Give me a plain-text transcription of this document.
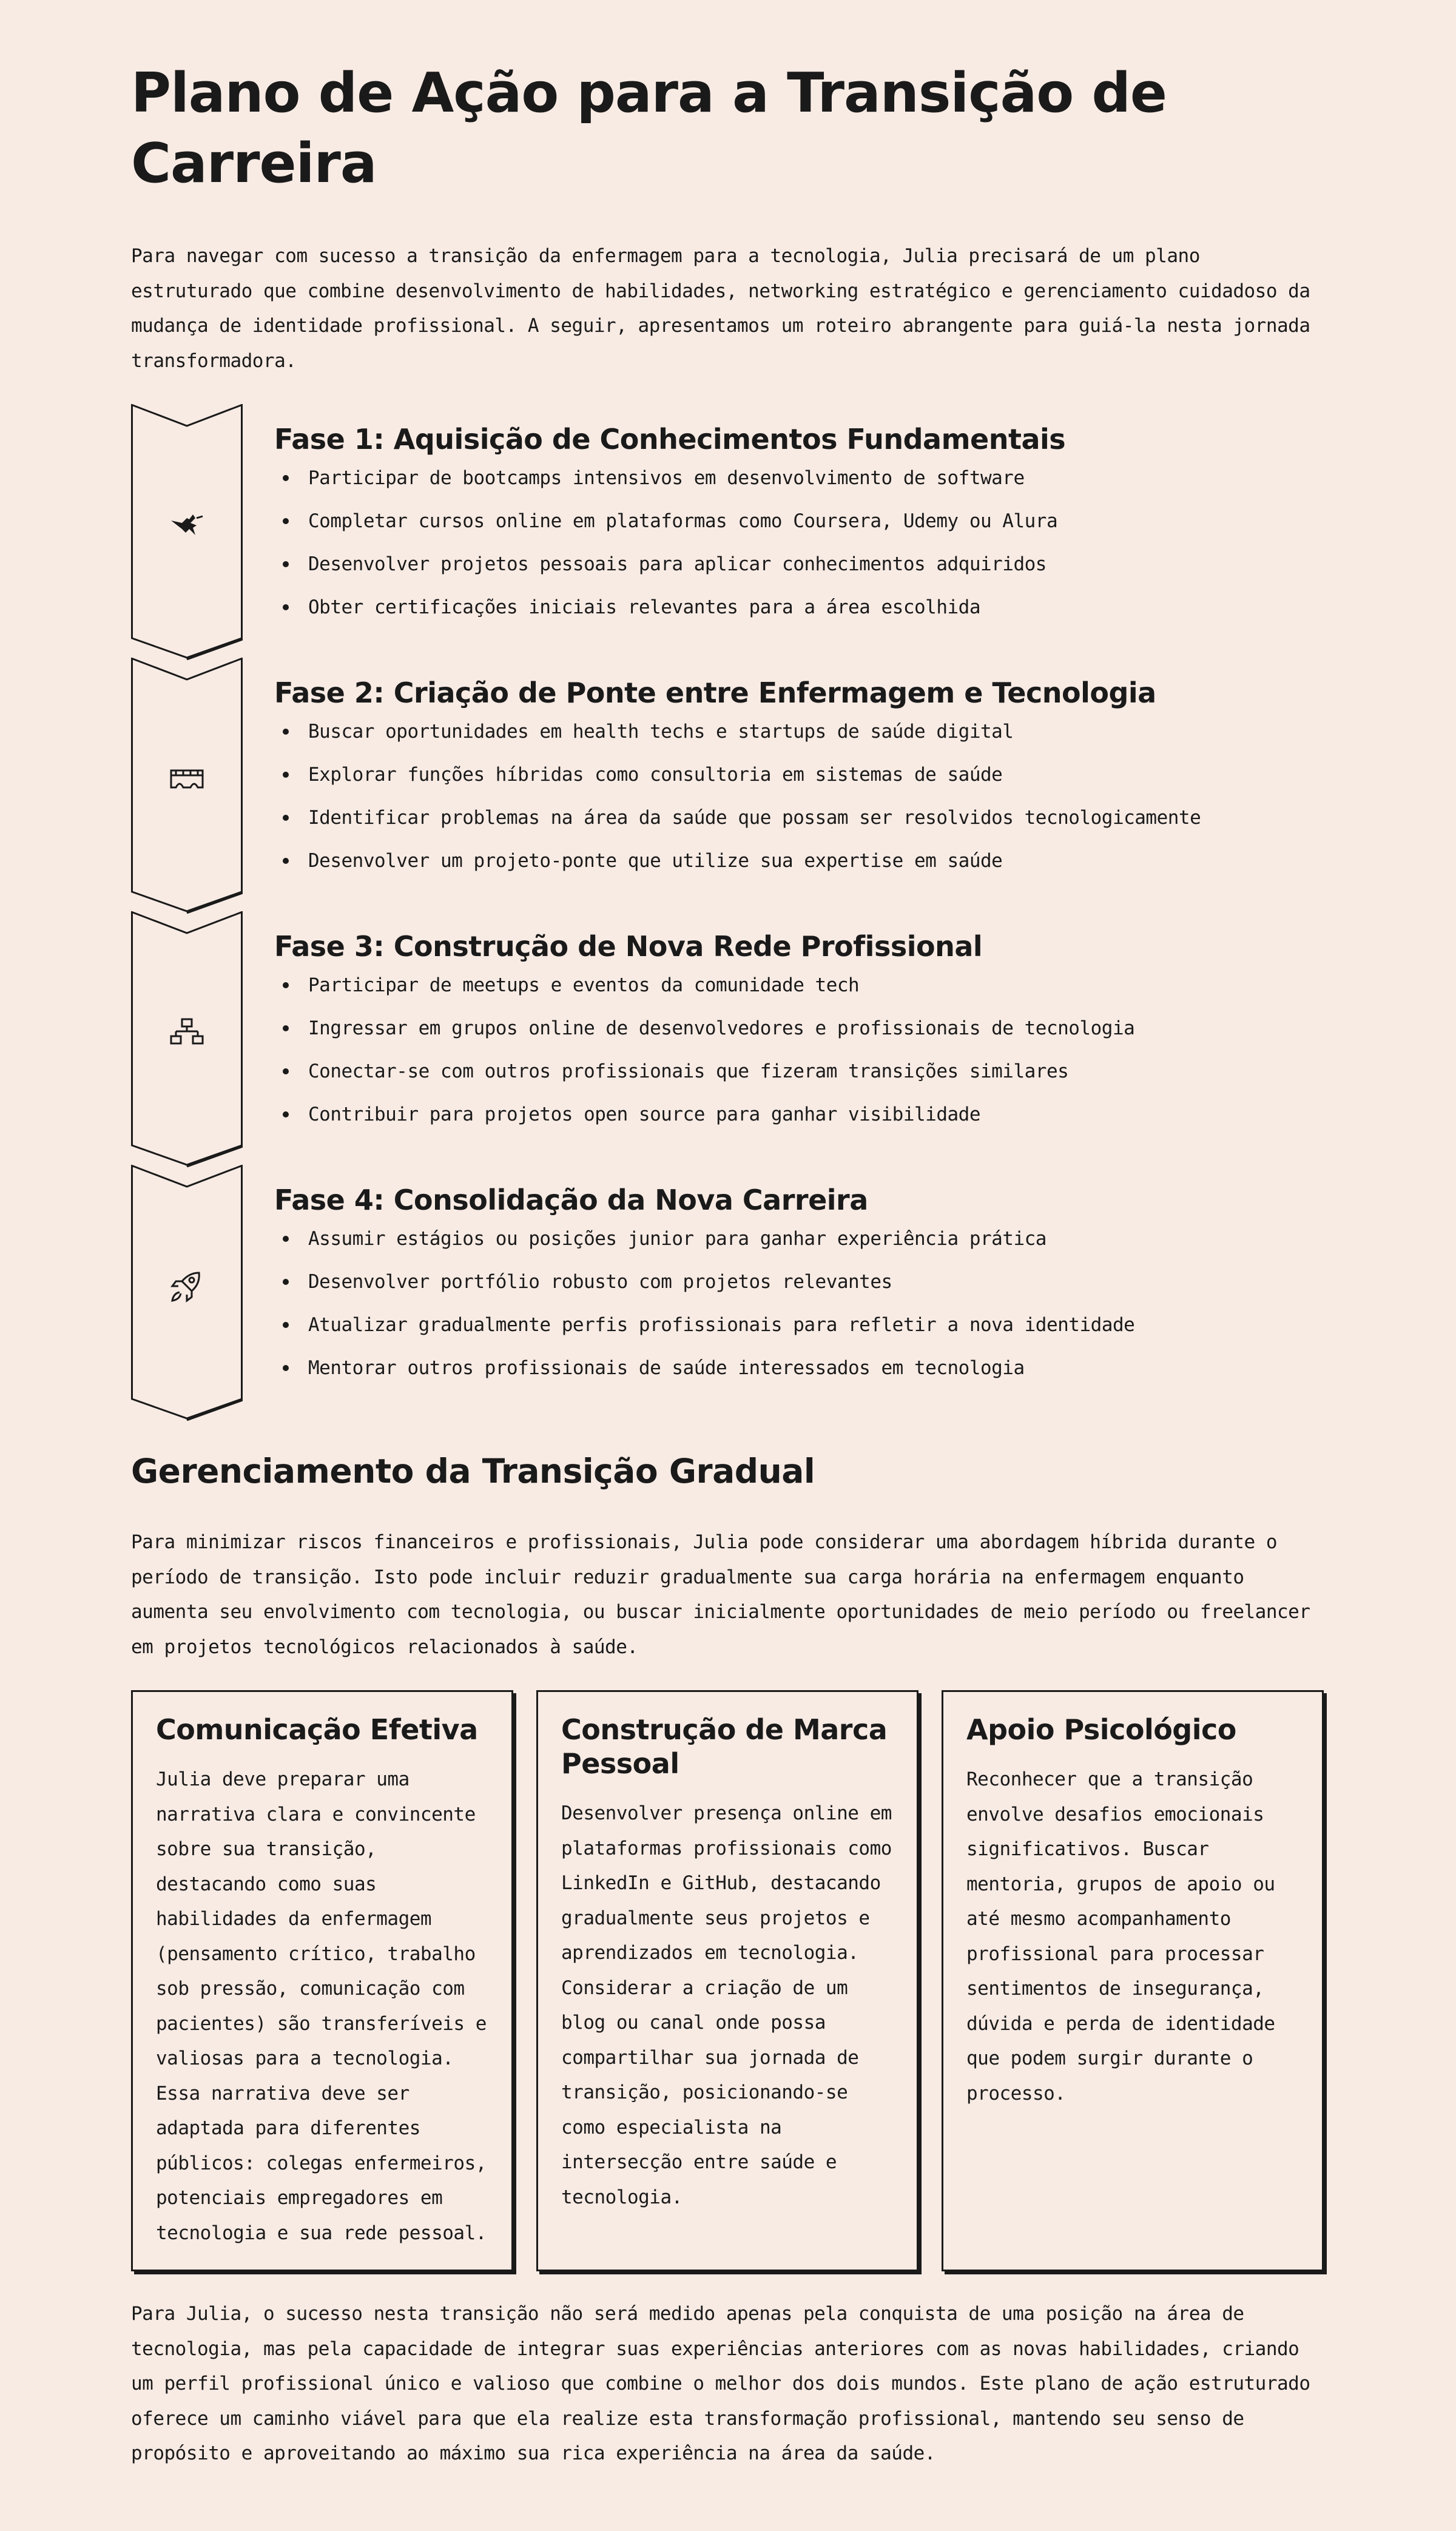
Plano de Ação para a Transição de Carreira

Para navegar com sucesso a transição da enfermagem para a tecnologia, Julia precisará de um plano estruturado que combine desenvolvimento de habilidades, networking estratégico e gerenciamento cuidadoso da mudança de identidade profissional. A seguir, apresentamos um roteiro abrangente para guiá-la nesta jornada transformadora.

Fase 1: Aquisição de Conhecimentos Fundamentais
Participar de bootcamps intensivos em desenvolvimento de software
Completar cursos online em plataformas como Coursera, Udemy ou Alura
Desenvolver projetos pessoais para aplicar conhecimentos adquiridos
Obter certificações iniciais relevantes para a área escolhida
Fase 2: Criação de Ponte entre Enfermagem e Tecnologia
Buscar oportunidades em health techs e startups de saúde digital
Explorar funções híbridas como consultoria em sistemas de saúde
Identificar problemas na área da saúde que possam ser resolvidos tecnologicamente
Desenvolver um projeto-ponte que utilize sua expertise em saúde
Fase 3: Construção de Nova Rede Profissional
Participar de meetups e eventos da comunidade tech
Ingressar em grupos online de desenvolvedores e profissionais de tecnologia
Conectar-se com outros profissionais que fizeram transições similares
Contribuir para projetos open source para ganhar visibilidade
Fase 4: Consolidação da Nova Carreira
Assumir estágios ou posições junior para ganhar experiência prática
Desenvolver portfólio robusto com projetos relevantes
Atualizar gradualmente perfis profissionais para refletir a nova identidade
Mentorar outros profissionais de saúde interessados em tecnologia
Gerenciamento da Transição Gradual

Para minimizar riscos financeiros e profissionais, Julia pode considerar uma abordagem híbrida durante o período de transição. Isto pode incluir reduzir gradualmente sua carga horária na enfermagem enquanto aumenta seu envolvimento com tecnologia, ou buscar inicialmente oportunidades de meio período ou freelancer em projetos tecnológicos relacionados à saúde.

Comunicação Efetiva

Julia deve preparar uma narrativa clara e convincente sobre sua transição, destacando como suas habilidades da enfermagem (pensamento crítico, trabalho sob pressão, comunicação com pacientes) são transferíveis e valiosas para a tecnologia. Essa narrativa deve ser adaptada para diferentes públicos: colegas enfermeiros, potenciais empregadores em tecnologia e sua rede pessoal.

Construção de Marca Pessoal

Desenvolver presença online em plataformas profissionais como LinkedIn e GitHub, destacando gradualmente seus projetos e aprendizados em tecnologia. Considerar a criação de um blog ou canal onde possa compartilhar sua jornada de transição, posicionando-se como especialista na intersecção entre saúde e tecnologia.

Apoio Psicológico

Reconhecer que a transição envolve desafios emocionais significativos. Buscar mentoria, grupos de apoio ou até mesmo acompanhamento profissional para processar sentimentos de insegurança, dúvida e perda de identidade que podem surgir durante o processo.

Para Julia, o sucesso nesta transição não será medido apenas pela conquista de uma posição na área de tecnologia, mas pela capacidade de integrar suas experiências anteriores com as novas habilidades, criando um perfil profissional único e valioso que combine o melhor dos dois mundos. Este plano de ação estruturado oferece um caminho viável para que ela realize esta transformação profissional, mantendo seu senso de propósito e aproveitando ao máximo sua rica experiência na área da saúde.
